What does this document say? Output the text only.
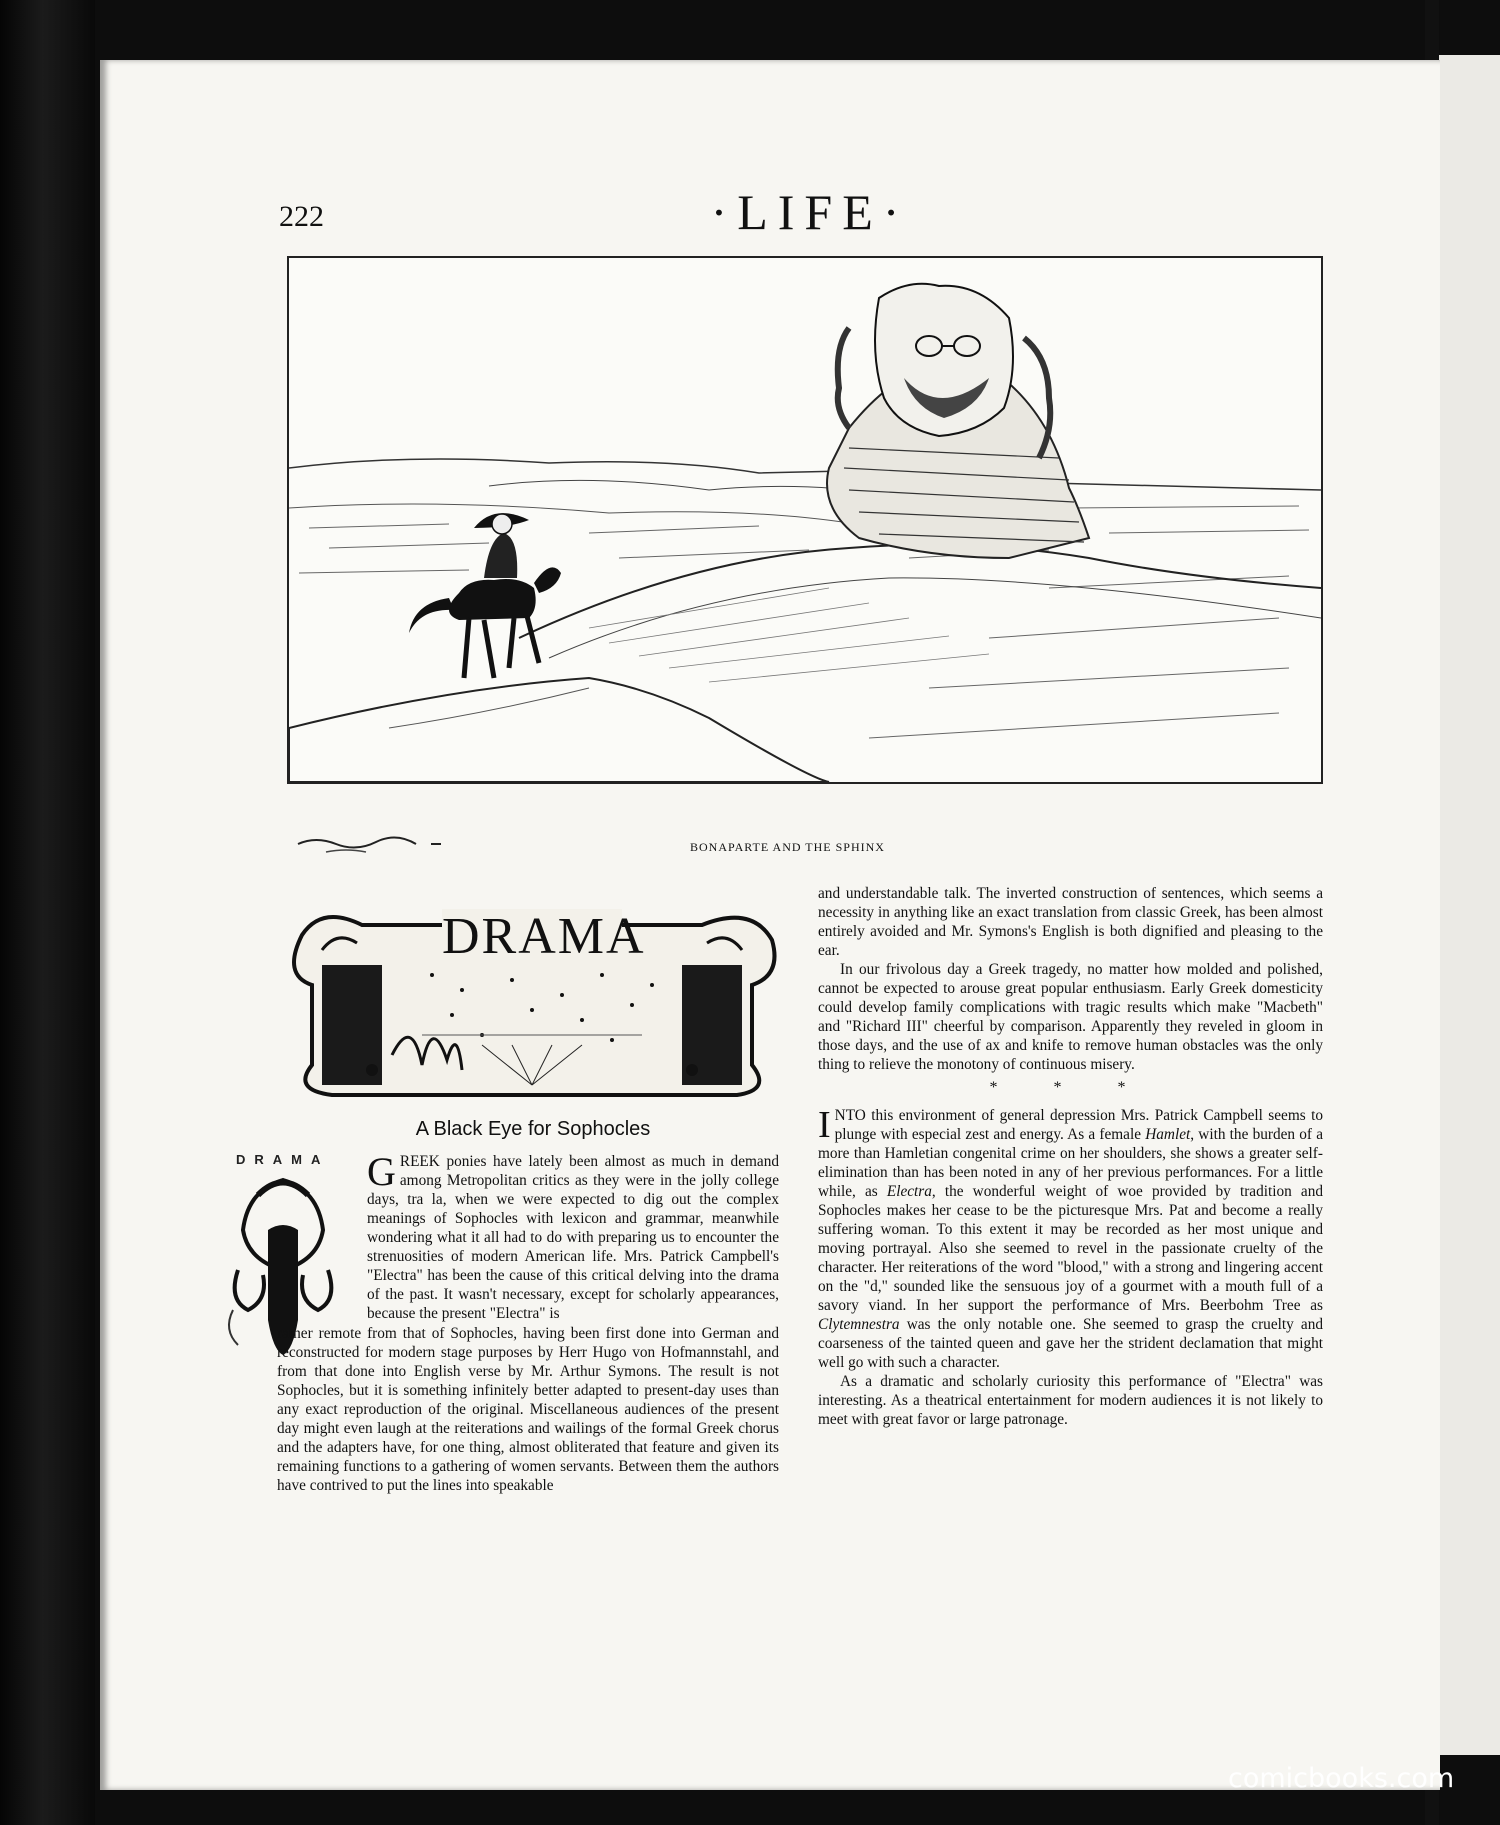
222	·LIFE·
BONAPARTE AND THE SPHINX
DRAMA
A Black Eye for Sophocles
DRAMA G REEK ponies have lately been almost as much in demand among Metropolitan critics as they were in the jolly college days, tra la, when we were expected to dig out the complex meanings of Sophocles with lexicon and grammar, meanwhile wondering what it all had to do with preparing us to encounter the strenuosities of modern American life. Mrs. Patrick Campbell's "Electra" has been the cause of this critical delving into the drama of the past. It wasn't necessary, except for scholarly appearances, because the present "Electra" is

rather remote from that of Sophocles, having been first done into German and reconstructed for modern stage purposes by Herr Hugo von Hofmannstahl, and from that done into English verse by Mr. Arthur Symons. The result is not Sophocles, but it is something infinitely better adapted to present-day uses than any exact reproduction of the original. Miscellaneous audiences of the present day might even laugh at the reiterations and wailings of the formal Greek chorus and the adapters have, for one thing, almost obliterated that feature and given its remaining functions to a gathering of women servants. Between them the authors have contrived to put the lines into speakable

and understandable talk. The inverted construction of sentences, which seems a necessity in anything like an exact translation from classic Greek, has been almost entirely avoided and Mr. Symons's English is both dignified and pleasing to the ear.

In our frivolous day a Greek tragedy, no matter how molded and polished, cannot be expected to arouse great popular enthusiasm. Early Greek domesticity could develop family complications with tragic results which make "Macbeth" and "Richard III" cheerful by comparison. Apparently they reveled in gloom in those days, and the use of ax and knife to remove human obstacles was the only thing to relieve the monotony of continuous misery.

* * *

INTO this environment of general depression Mrs. Patrick Campbell seems to plunge with especial zest and energy. As a female Hamlet, with the burden of a more than Hamletian congenital crime on her shoulders, she shows a greater self-elimination than has been noted in any of her previous performances. For a little while, as Electra, the wonderful weight of woe provided by tradition and Sophocles makes her cease to be the picturesque Mrs. Pat and become a really suffering woman. To this extent it may be recorded as her most unique and moving portrayal. Also she seemed to revel in the passionate cruelty of the character. Her reiterations of the word "blood," with a strong and lingering accent on the "d," sounded like the sensuous joy of a gourmet with a mouth full of a savory viand. In her support the performance of Mrs. Beerbohm Tree as Clytemnestra was the only notable one. She seemed to grasp the cruelty and coarseness of the tainted queen and gave her the strident declamation that might well go with such a character.

As a dramatic and scholarly curiosity this performance of "Electra" was interesting. As a theatrical entertainment for modern audiences it is not likely to meet with great favor or large patronage.

comicbooks.com
